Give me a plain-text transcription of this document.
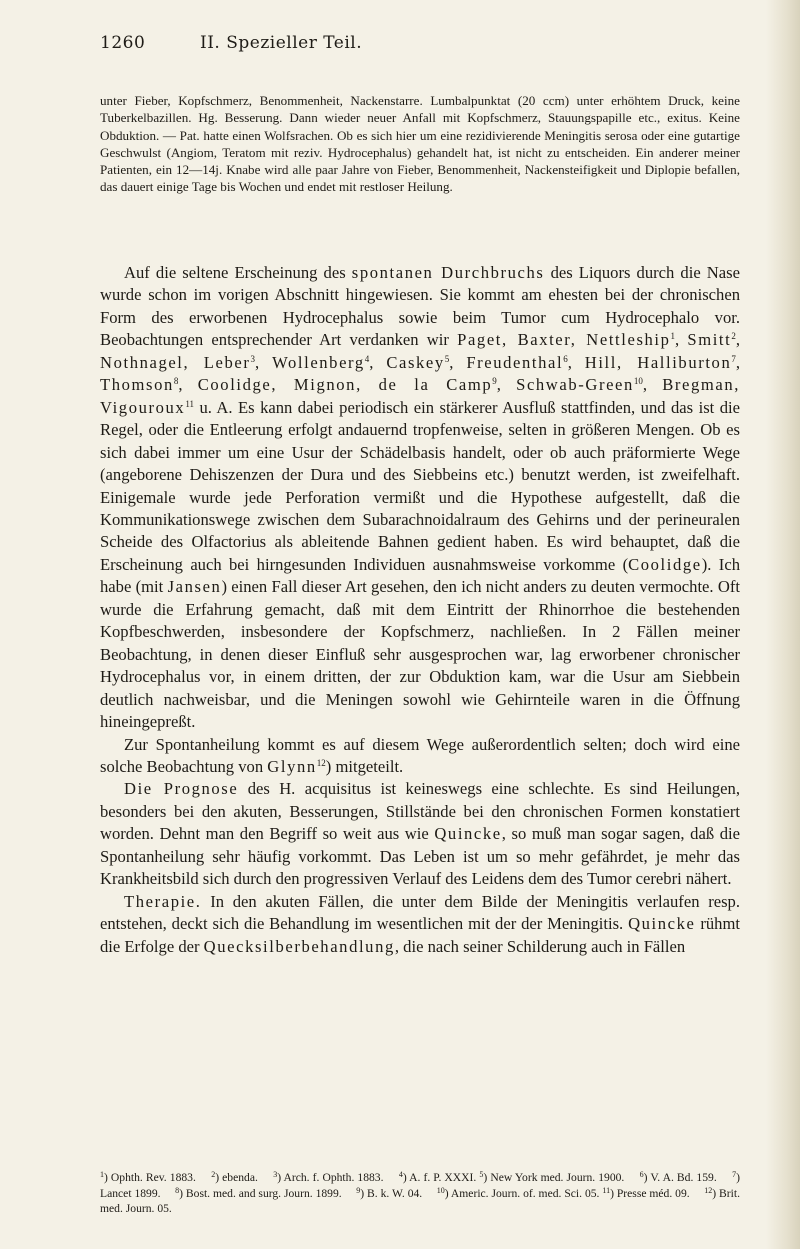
1260	II. Spezieller Teil.

unter Fieber, Kopfschmerz, Benommenheit, Nackenstarre. Lumbalpunktat (20 ccm) unter erhöhtem Druck, keine Tuberkelbazillen. Hg. Besserung. Dann wieder neuer Anfall mit Kopfschmerz, Stauungspapille etc., exitus. Keine Obduktion. — Pat. hatte einen Wolfsrachen. Ob es sich hier um eine rezidivierende Meningitis serosa oder eine gutartige Geschwulst (Angiom, Teratom mit reziv. Hydrocephalus) gehandelt hat, ist nicht zu entscheiden. Ein anderer meiner Patienten, ein 12—14j. Knabe wird alle paar Jahre von Fieber, Benommenheit, Nackensteifigkeit und Diplopie befallen, das dauert einige Tage bis Wochen und endet mit restloser Heilung.

Auf die seltene Erscheinung des spontanen Durchbruchs des Liquors durch die Nase wurde schon im vorigen Abschnitt hingewiesen. Sie kommt am ehesten bei der chronischen Form des erworbenen Hydrocephalus sowie beim Tumor cum Hydrocephalo vor. Beobachtungen entsprechender Art verdanken wir Paget, Baxter, Nettleship$^1$, Smitt$^2$, Nothnagel, Leber$^3$, Wollenberg$^4$, Caskey$^5$, Freudenthal$^6$, Hill, Halliburton$^7$, Thomson$^8$, Coolidge, Mignon, de la Camp$^9$, Schwab-Green$^{10}$, Bregman, Vigouroux$^{11}$ u. A. Es kann dabei periodisch ein stärkerer Ausfluß stattfinden, und das ist die Regel, oder die Entleerung erfolgt andauernd tropfenweise, selten in größeren Mengen. Ob es sich dabei immer um eine Usur der Schädelbasis handelt, oder ob auch präformierte Wege (angeborene Dehiszenzen der Dura und des Siebbeins etc.) benutzt werden, ist zweifelhaft. Einigemale wurde jede Perforation vermißt und die Hypothese aufgestellt, daß die Kommunikationswege zwischen dem Subarachnoidalraum des Gehirns und der perineuralen Scheide des Olfactorius als ableitende Bahnen gedient haben. Es wird behauptet, daß die Erscheinung auch bei hirngesunden Individuen ausnahmsweise vorkomme (Coolidge). Ich habe (mit Jansen) einen Fall dieser Art gesehen, den ich nicht anders zu deuten vermochte. Oft wurde die Erfahrung gemacht, daß mit dem Eintritt der Rhinorrhoe die bestehenden Kopfbeschwerden, insbesondere der Kopfschmerz, nachließen. In 2 Fällen meiner Beobachtung, in denen dieser Einfluß sehr ausgesprochen war, lag erworbener chronischer Hydrocephalus vor, in einem dritten, der zur Obduktion kam, war die Usur am Siebbein deutlich nachweisbar, und die Meningen sowohl wie Gehirnteile waren in die Öffnung hineingepreßt.

Zur Spontanheilung kommt es auf diesem Wege außerordentlich selten; doch wird eine solche Beobachtung von Glynn$^{12}$) mitgeteilt.

Die Prognose des H. acquisitus ist keineswegs eine schlechte. Es sind Heilungen, besonders bei den akuten, Besserungen, Stillstände bei den chronischen Formen konstatiert worden. Dehnt man den Begriff so weit aus wie Quincke, so muß man sogar sagen, daß die Spontanheilung sehr häufig vorkommt. Das Leben ist um so mehr gefährdet, je mehr das Krankheitsbild sich durch den progressiven Verlauf des Leidens dem des Tumor cerebri nähert.

Therapie. In den akuten Fällen, die unter dem Bilde der Meningitis verlaufen resp. entstehen, deckt sich die Behandlung im wesentlichen mit der der Meningitis. Quincke rühmt die Erfolge der Quecksilberbehandlung, die nach seiner Schilderung auch in Fällen

$^1$) Ophth. Rev. 1883. $^2$) ebenda. $^3$) Arch. f. Ophth. 1883. $^4$) A. f. P. XXXI. $^5$) New York med. Journ. 1900. $^6$) V. A. Bd. 159. $^7$) Lancet 1899. $^8$) Bost. med. and surg. Journ. 1899. $^9$) B. k. W. 04. $^{10}$) Americ. Journ. of. med. Sci. 05. $^{11}$) Presse méd. 09. $^{12}$) Brit. med. Journ. 05.
